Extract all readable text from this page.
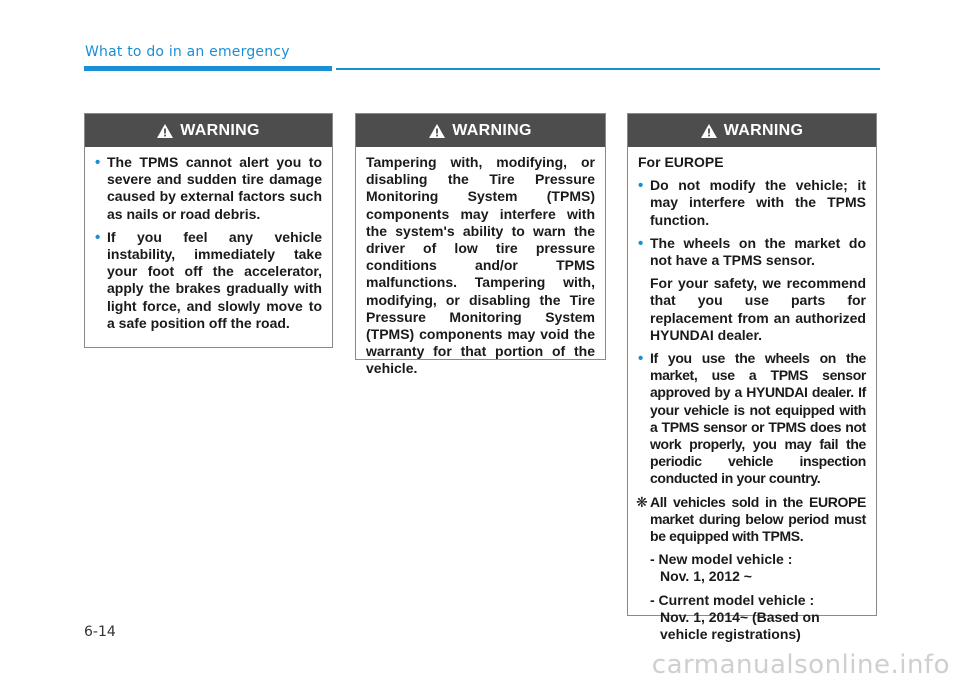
What to do in an emergency
WARNING
• The TPMS cannot alert you to severe and sudden tire damage caused by external factors such as nails or road debris.
• If you feel any vehicle instability, immediately take your foot off the accelerator, apply the brakes gradually with light force, and slowly move to a safe position off the road.
WARNING
Tampering with, modifying, or disabling the Tire Pressure Monitoring System (TPMS) components may interfere with the system's ability to warn the driver of low tire pressure conditions and/or TPMS malfunctions. Tampering with, modifying, or disabling the Tire Pressure Monitoring System (TPMS) components may void the warranty for that portion of the vehicle.
WARNING
For EUROPE
• Do not modify the vehicle; it may interfere with the TPMS function.
• The wheels on the market do not have a TPMS sensor.
For your safety, we recommend that you use parts for replacement from an authorized HYUNDAI dealer.
• If you use the wheels on the market, use a TPMS sensor approved by a HYUNDAI dealer. If your vehicle is not equipped with a TPMS sensor or TPMS does not work properly, you may fail the periodic vehicle inspection conducted in your country.
❋ All vehicles sold in the EUROPE market during below period must be equipped with TPMS.
- New model vehicle :
Nov. 1, 2012 ~
- Current model vehicle :
Nov. 1, 2014~ (Based on vehicle registrations)
6-14
carmanualsonline.info
